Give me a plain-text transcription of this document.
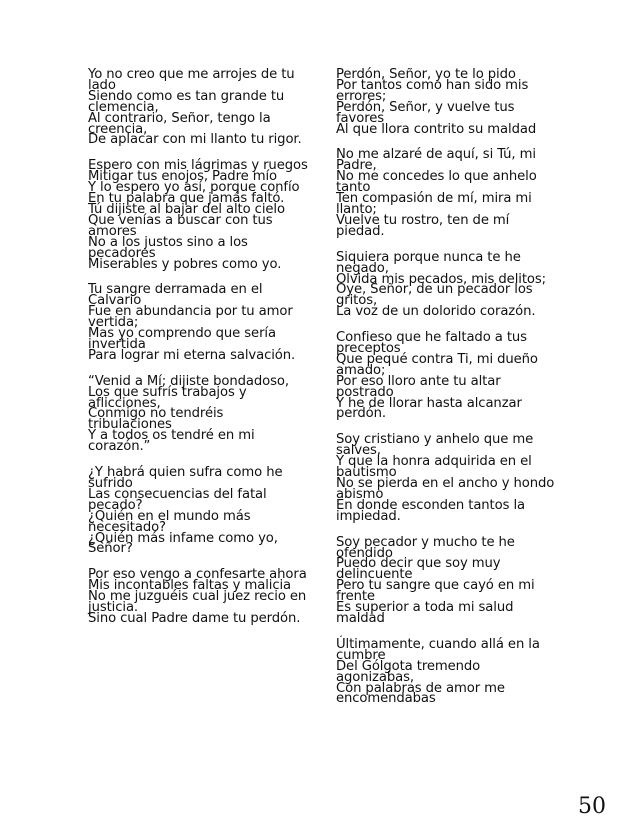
Yo no creo que me arrojes de tu lado
Siendo como es tan grande tu clemencia,
Al contrario, Señor, tengo la creencia,
De aplacar con mi llanto tu rigor.
Espero con mis lágrimas y ruegos
Mitigar tus enojos, Padre mío
Y lo espero yo así, porque confío
En tu palabra que jamás faltó.
Tú dijiste al bajar del alto cielo
Que venías a buscar con tus amores
No a los justos sino a los pecadores
Miserables y pobres como yo.
Tu sangre derramada en el Calvario
Fue en abundancia por tu amor vertida;
Mas yo comprendo que sería invertida
Para lograr mi eterna salvación.
“Venid a Mí; dijiste bondadoso,
Los que sufrís trabajos y aflicciones,
Conmigo no tendréis tribulaciones
Y a todos os tendré en mi corazón.”
¿Y habrá quien sufra como he sufrido
Las consecuencias del fatal pecado?
¿Quién en el mundo más necesitado?
¿Quién más infame como yo, Señor?
Por eso vengo a confesarte ahora
Mis incontables faltas y malicia
No me juzguéis cual juez recio en justicia.
Sino cual Padre dame tu perdón.
Perdón, Señor, yo te lo pido
Por tantos como han sido mis errores;
Perdón, Señor, y vuelve tus favores
Al que llora contrito su maldad
No me alzaré de aquí, si Tú, mi Padre,
No me concedes lo que anhelo tanto
Ten compasión de mí, mira mi llanto;
Vuelve tu rostro, ten de mí piedad.
Siquiera porque nunca te he negado,
Olvida mis pecados, mis delitos;
Oye, Señor, de un pecador los gritos,
La voz de un dolorido corazón.
Confieso que he faltado a tus preceptos
Que pequé contra Ti, mi dueño amado;
Por eso lloro ante tu altar postrado
Y he de llorar hasta alcanzar perdón.
Soy cristiano y anhelo que me salves,
Y que la honra adquirida en el bautismo
No se pierda en el ancho y hondo abismo
En donde esconden tantos la impiedad.
Soy pecador y mucho te he ofendido
Puedo decir que soy muy delincuente
Pero tu sangre que cayó en mi frente
Es superior a toda mi salud maldad
Últimamente, cuando allá en la cumbre
Del Gólgota tremendo agonizabas,
Con palabras de amor me encomendabas
50
